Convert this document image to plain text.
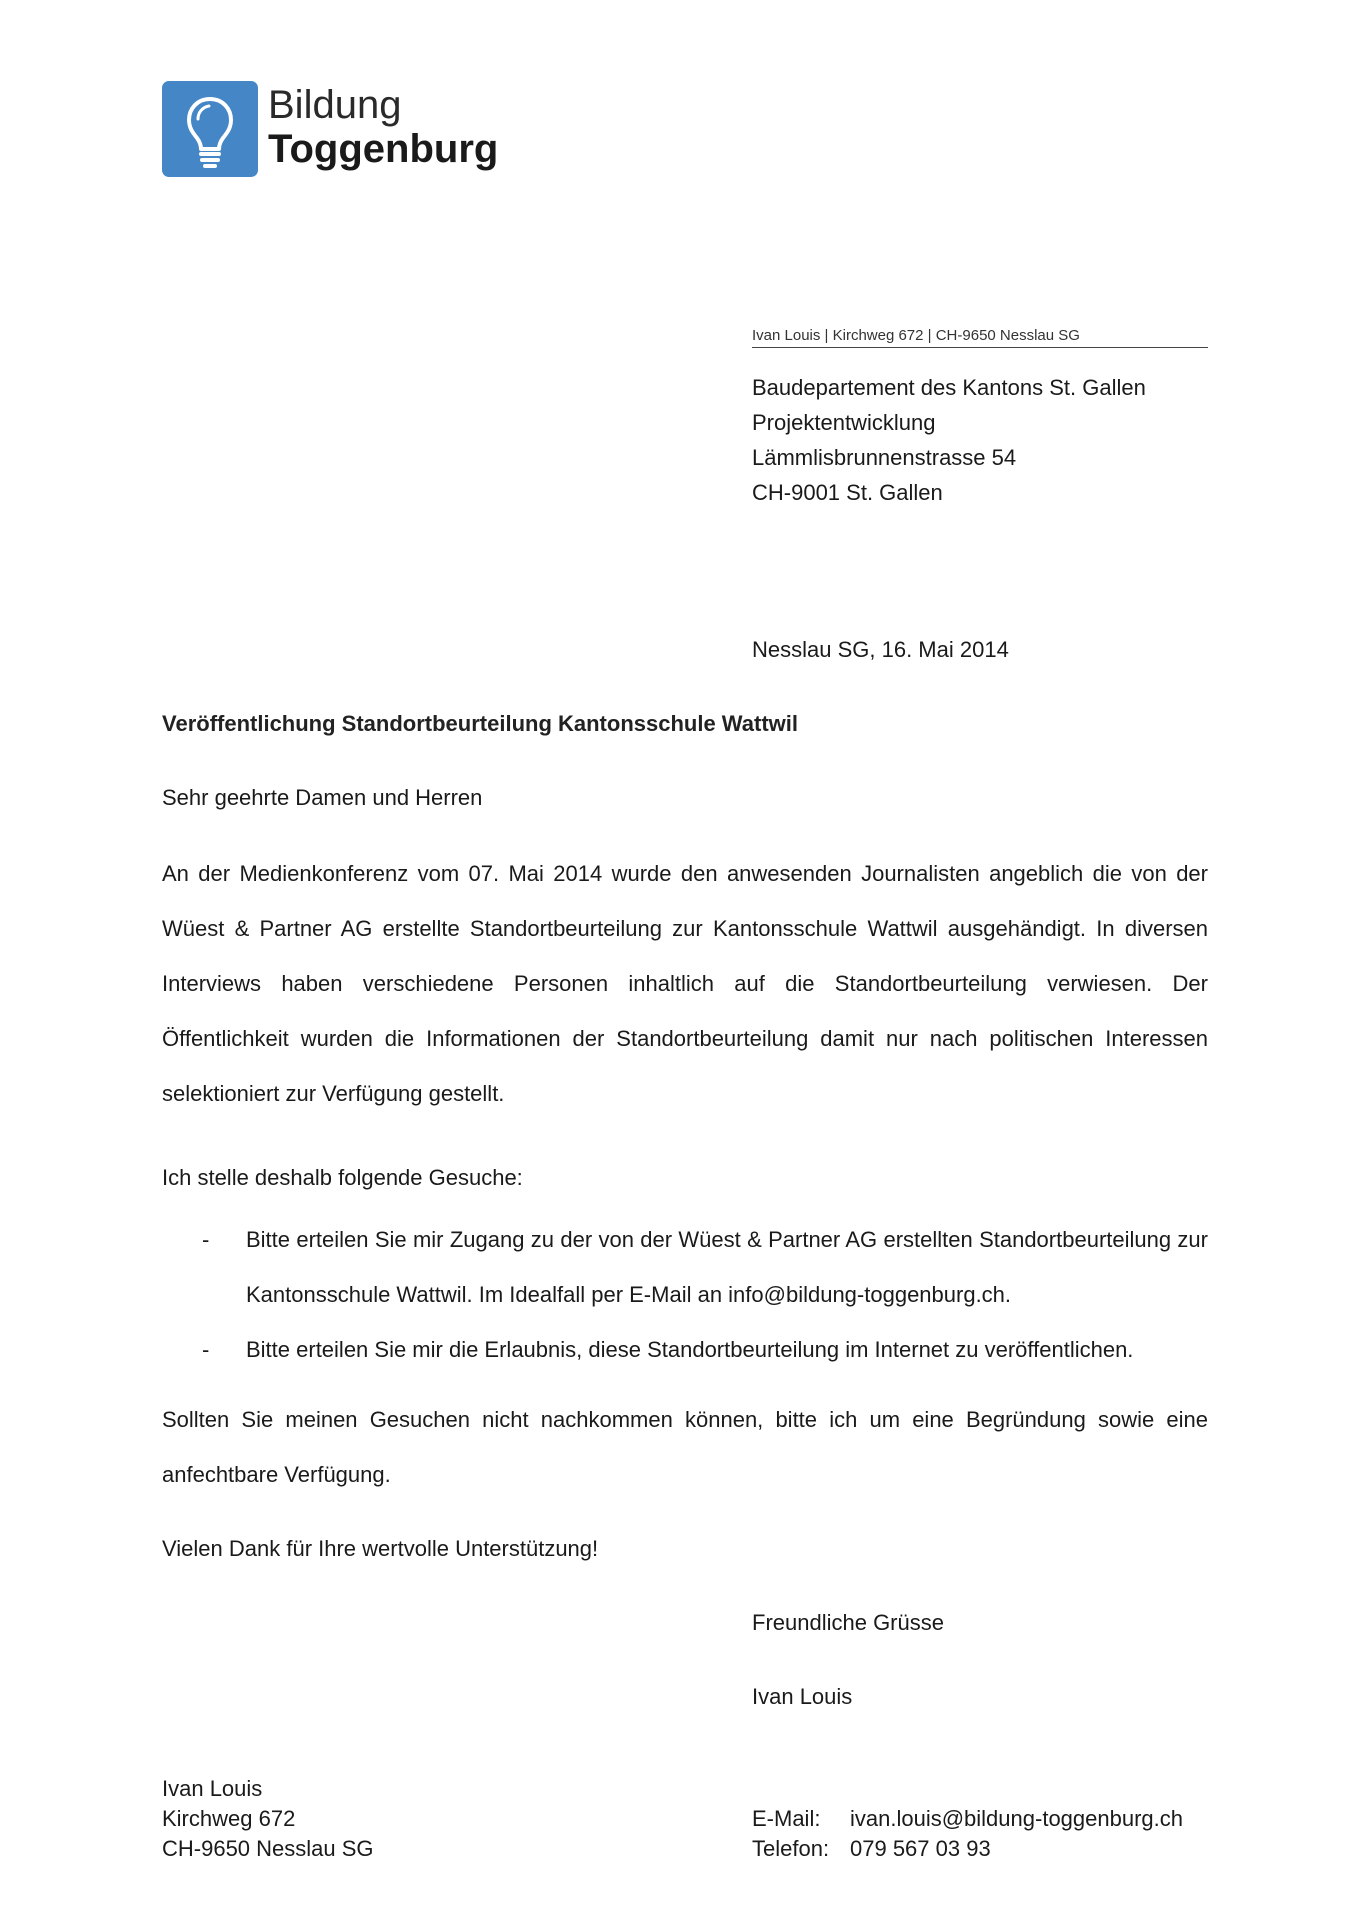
Bildung
Toggenburg
Ivan Louis | Kirchweg 672 | CH-9650 Nesslau SG
Baudepartement des Kantons St. Gallen
Projektentwicklung
Lämmlisbrunnenstrasse 54
CH-9001 St. Gallen
Nesslau SG, 16. Mai 2014
Veröffentlichung Standortbeurteilung Kantonsschule Wattwil
Sehr geehrte Damen und Herren
An der Medienkonferenz vom 07. Mai 2014 wurde den anwesenden Journalisten angeblich die von der Wüest & Partner AG erstellte Standortbeurteilung zur Kantonsschule Wattwil ausgehändigt. In diversen Interviews haben verschiedene Personen inhaltlich auf die Standortbeurteilung verwiesen. Der Öffentlichkeit wurden die Informationen der Standortbeurteilung damit nur nach politischen Interessen selektioniert zur Verfügung gestellt.
Ich stelle deshalb folgende Gesuche:
- Bitte erteilen Sie mir Zugang zu der von der Wüest & Partner AG erstellten Standortbeurteilung zur Kantonsschule Wattwil. Im Idealfall per E-Mail an info@bildung-toggenburg.ch.
- Bitte erteilen Sie mir die Erlaubnis, diese Standortbeurteilung im Internet zu veröffentlichen.
Sollten Sie meinen Gesuchen nicht nachkommen können, bitte ich um eine Begründung sowie eine anfechtbare Verfügung.
Vielen Dank für Ihre wertvolle Unterstützung!
Freundliche Grüsse
Ivan Louis
Ivan Louis
Kirchweg 672
CH-9650 Nesslau SG
E-Mail: ivan.louis@bildung-toggenburg.ch
Telefon: 079 567 03 93
